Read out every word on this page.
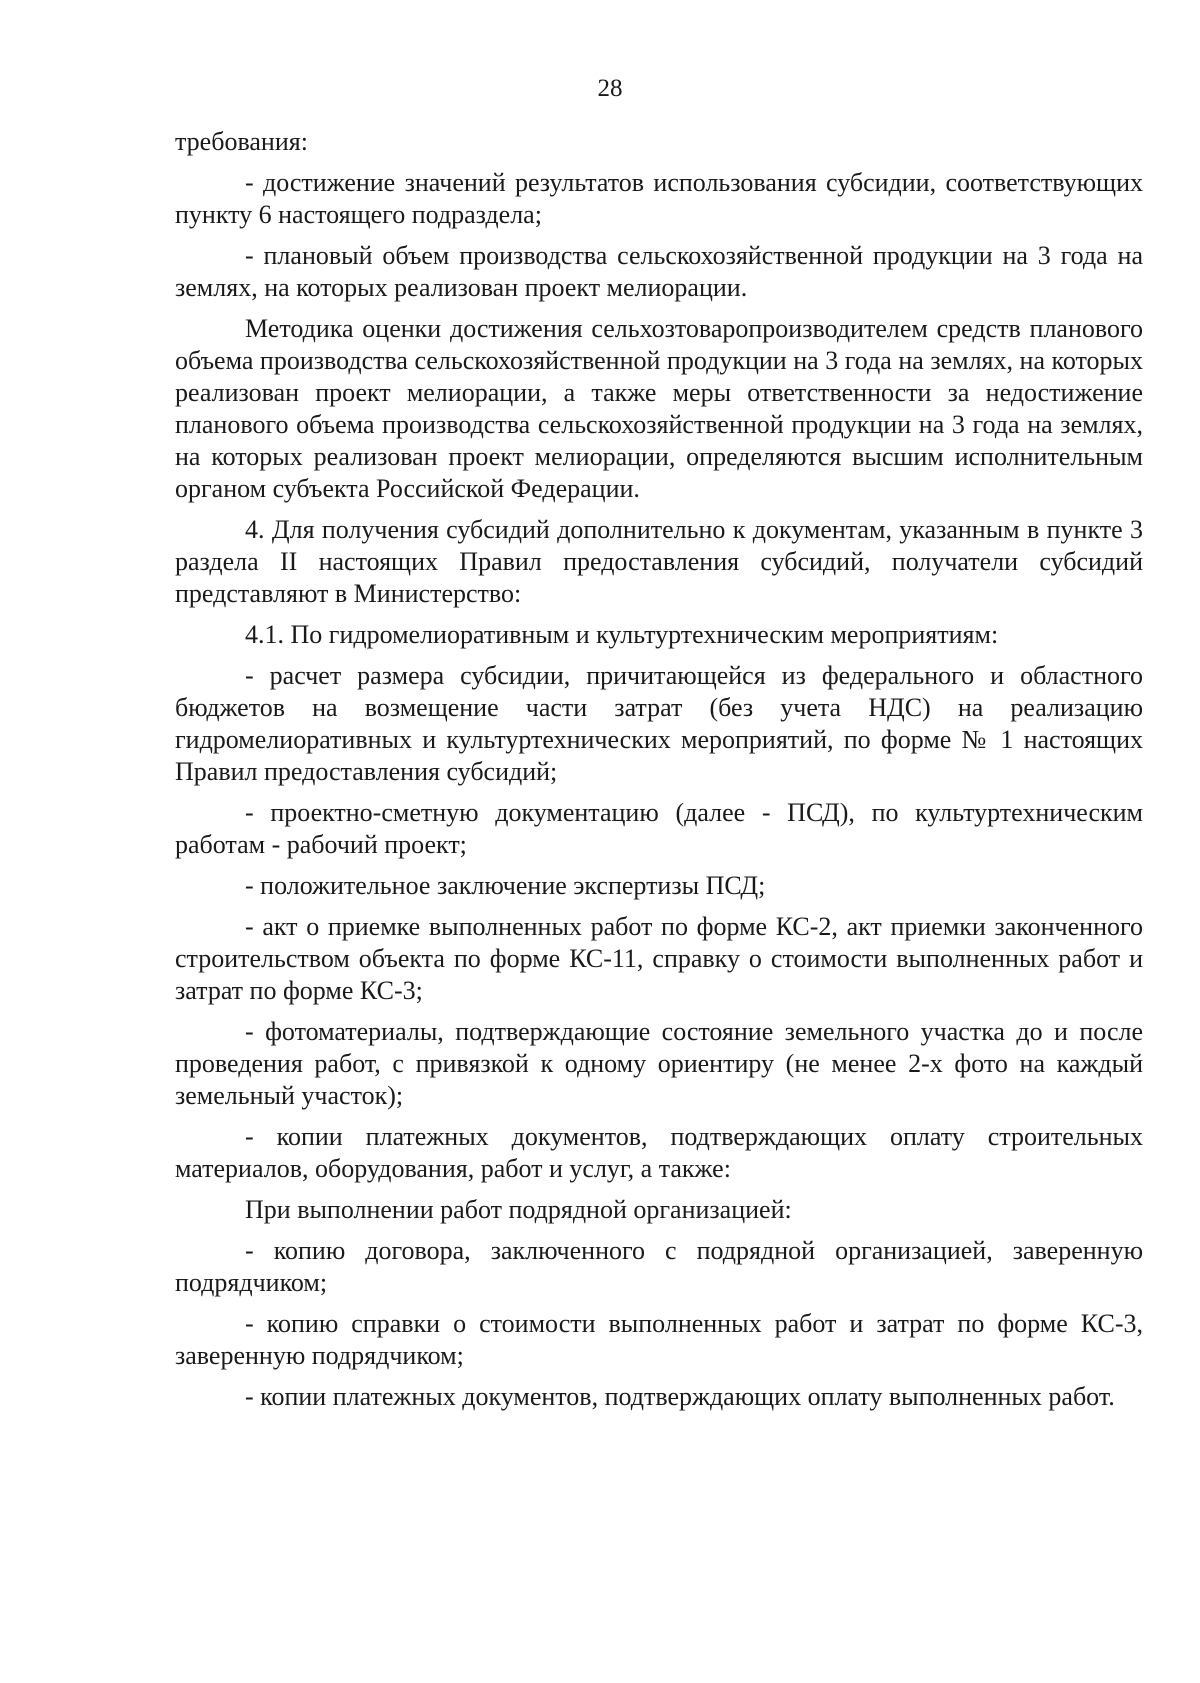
28

требования:

- достижение значений результатов использования субсидии, соответствующих пункту 6 настоящего подраздела;

- плановый объем производства сельскохозяйственной продукции на 3 года на землях, на которых реализован проект мелиорации.

Методика оценки достижения сельхозтоваропроизводителем средств планового объема производства сельскохозяйственной продукции на 3 года на землях, на которых реализован проект мелиорации, а также меры ответственности за недостижение планового объема производства сельскохозяйственной продукции на 3 года на землях, на которых реализован проект мелиорации, определяются высшим исполнительным органом субъекта Российской Федерации.

4. Для получения субсидий дополнительно к документам, указанным в пункте 3 раздела II настоящих Правил предоставления субсидий, получатели субсидий представляют в Министерство:

4.1. По гидромелиоративным и культуртехническим мероприятиям:

- расчет размера субсидии, причитающейся из федерального и областного бюджетов на возмещение части затрат (без учета НДС) на реализацию гидромелиоративных и культуртехнических мероприятий, по форме № 1 настоящих Правил предоставления субсидий;

- проектно-сметную документацию (далее - ПСД), по культуртехническим работам - рабочий проект;

- положительное заключение экспертизы ПСД;

- акт о приемке выполненных работ по форме КС-2, акт приемки законченного строительством объекта по форме КС-11, справку о стоимости выполненных работ и затрат по форме КС-3;

- фотоматериалы, подтверждающие состояние земельного участка до и после проведения работ, с привязкой к одному ориентиру (не менее 2-х фото на каждый земельный участок);

- копии платежных документов, подтверждающих оплату строительных материалов, оборудования, работ и услуг, а также:

При выполнении работ подрядной организацией:

- копию договора, заключенного с подрядной организацией, заверенную подрядчиком;

- копию справки о стоимости выполненных работ и затрат по форме КС-3, заверенную подрядчиком;

- копии платежных документов, подтверждающих оплату выполненных работ.
